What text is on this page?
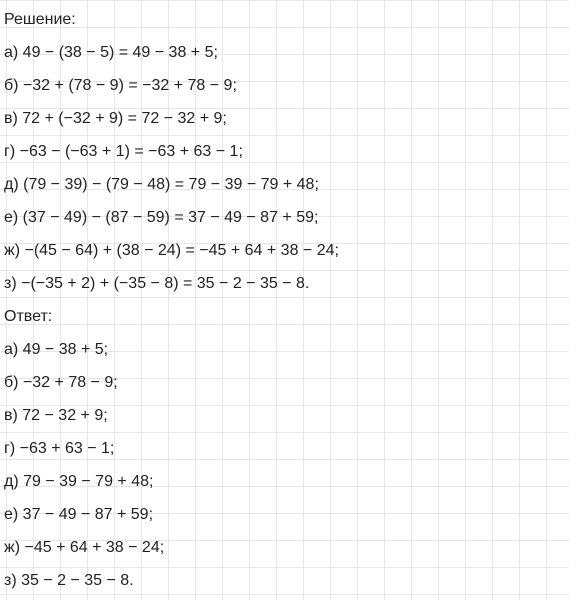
Решение:
а) 49 − (38 − 5) = 49 − 38 + 5;
б) −32 + (78 − 9) = −32 + 78 − 9;
в) 72 + (−32 + 9) = 72 − 32 + 9;
г) −63 − (−63 + 1) = −63 + 63 − 1;
д) (79 − 39) − (79 − 48) = 79 − 39 − 79 + 48;
е) (37 − 49) − (87 − 59) = 37 − 49 − 87 + 59;
ж) −(45 − 64) + (38 − 24) = −45 + 64 + 38 − 24;
з) −(−35 + 2) + (−35 − 8) = 35 − 2 − 35 − 8.
Ответ:
а) 49 − 38 + 5;
б) −32 + 78 − 9;
в) 72 − 32 + 9;
г) −63 + 63 − 1;
д) 79 − 39 − 79 + 48;
е) 37 − 49 − 87 + 59;
ж) −45 + 64 + 38 − 24;
з) 35 − 2 − 35 − 8.
